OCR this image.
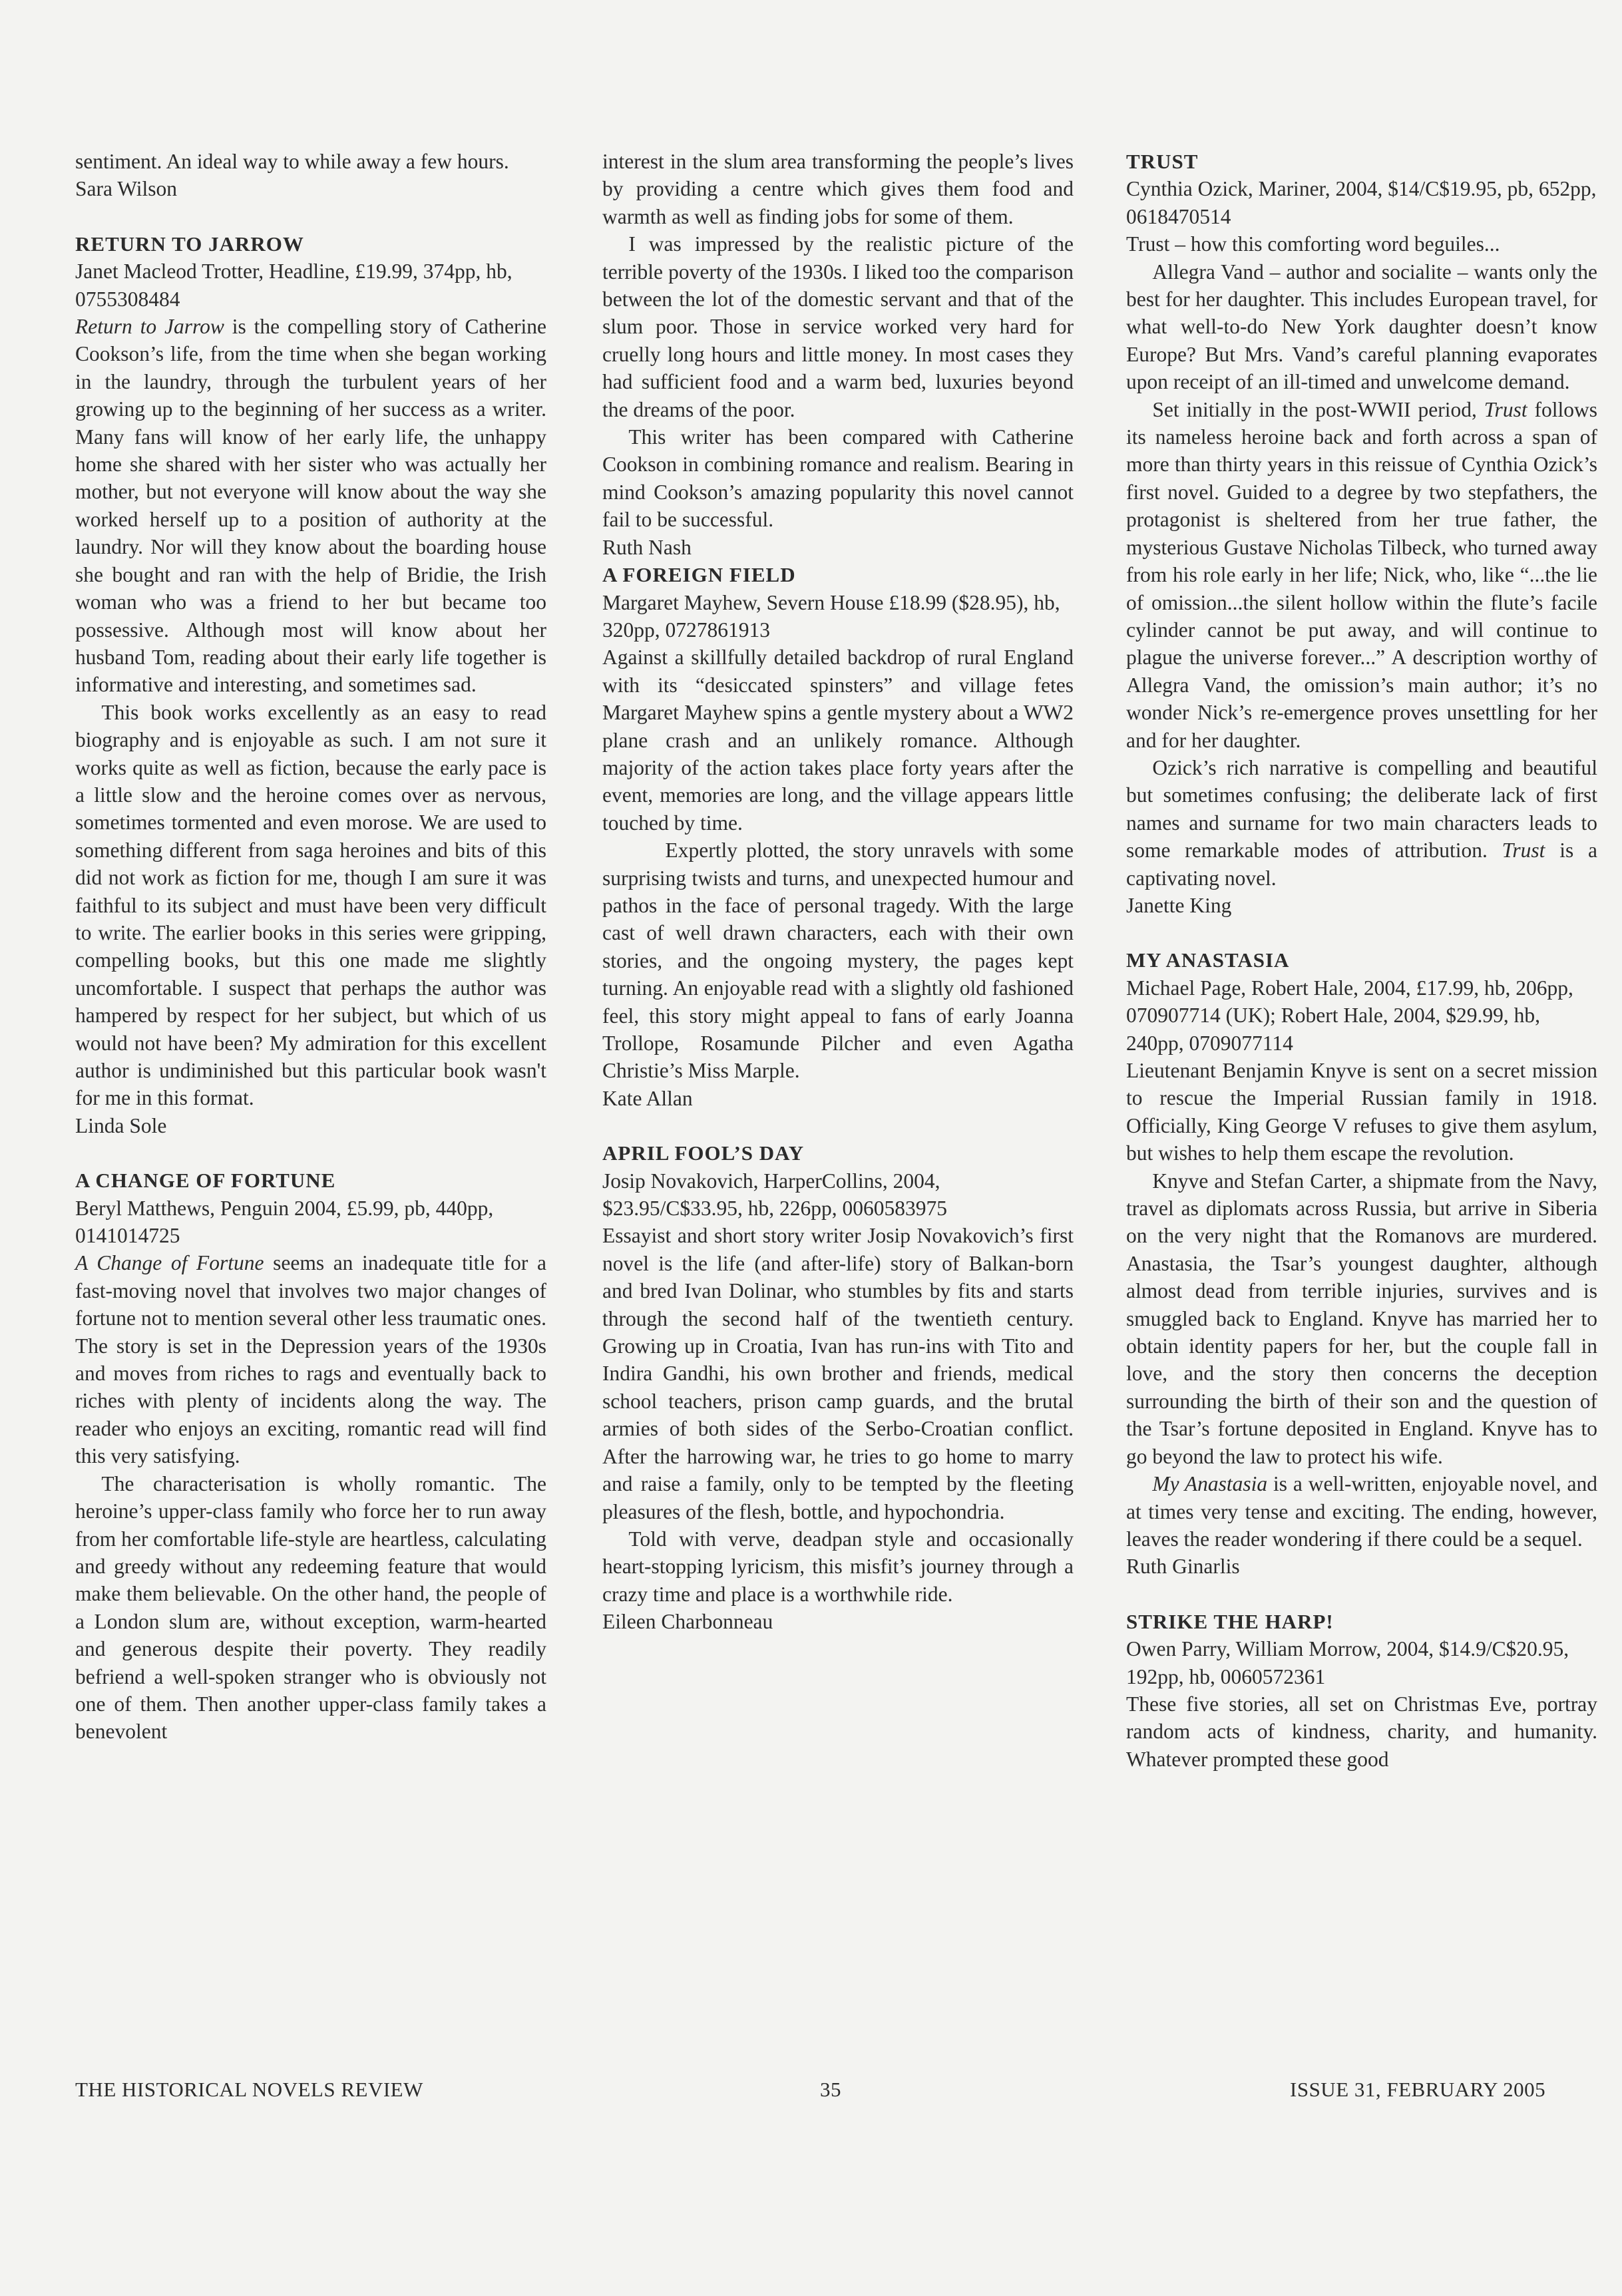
sentiment. An ideal way to while away a few hours.

Sara Wilson

RETURN TO JARROW

Janet Macleod Trotter, Headline, £19.99, 374pp, hb, 0755308484

Return to Jarrow is the compelling story of Catherine Cookson’s life, from the time when she began working in the laundry, through the turbulent years of her growing up to the beginning of her success as a writer. Many fans will know of her early life, the unhappy home she shared with her sister who was actually her mother, but not everyone will know about the way she worked herself up to a position of authority at the laundry. Nor will they know about the boarding house she bought and ran with the help of Bridie, the Irish woman who was a friend to her but became too possessive. Although most will know about her husband Tom, reading about their early life together is informative and interesting, and sometimes sad.

This book works excellently as an easy to read biography and is enjoyable as such. I am not sure it works quite as well as fiction, because the early pace is a little slow and the heroine comes over as nervous, sometimes tormented and even morose. We are used to something different from saga heroines and bits of this did not work as fiction for me, though I am sure it was faithful to its subject and must have been very difficult to write. The earlier books in this series were gripping, compelling books, but this one made me slightly uncomfortable. I suspect that perhaps the author was hampered by respect for her subject, but which of us would not have been? My admiration for this excellent author is undiminished but this particular book wasn't for me in this format.

Linda Sole

A CHANGE OF FORTUNE

Beryl Matthews, Penguin 2004, £5.99, pb, 440pp, 0141014725

A Change of Fortune seems an inadequate title for a fast-moving novel that involves two major changes of fortune not to mention several other less traumatic ones. The story is set in the Depression years of the 1930s and moves from riches to rags and eventually back to riches with plenty of incidents along the way. The reader who enjoys an exciting, romantic read will find this very satisfying.

The characterisation is wholly romantic. The heroine’s upper-class family who force her to run away from her comfortable life-style are heartless, calculating and greedy without any redeeming feature that would make them believable. On the other hand, the people of a London slum are, without exception, warm-hearted and generous despite their poverty. They readily befriend a well-spoken stranger who is obviously not one of them. Then another upper-class family takes a benevolent

interest in the slum area transforming the people’s lives by providing a centre which gives them food and warmth as well as finding jobs for some of them.

I was impressed by the realistic picture of the terrible poverty of the 1930s. I liked too the comparison between the lot of the domestic servant and that of the slum poor. Those in service worked very hard for cruelly long hours and little money. In most cases they had sufficient food and a warm bed, luxuries beyond the dreams of the poor.

This writer has been compared with Catherine Cookson in combining romance and realism. Bearing in mind Cookson’s amazing popularity this novel cannot fail to be successful.

Ruth Nash

A FOREIGN FIELD

Margaret Mayhew, Severn House £18.99 ($28.95), hb, 320pp, 0727861913

Against a skillfully detailed backdrop of rural England with its “desiccated spinsters” and village fetes Margaret Mayhew spins a gentle mystery about a WW2 plane crash and an unlikely romance. Although majority of the action takes place forty years after the event, memories are long, and the village appears little touched by time.

Expertly plotted, the story unravels with some surprising twists and turns, and unexpected humour and pathos in the face of personal tragedy. With the large cast of well drawn characters, each with their own stories, and the ongoing mystery, the pages kept turning. An enjoyable read with a slightly old fashioned feel, this story might appeal to fans of early Joanna Trollope, Rosamunde Pilcher and even Agatha Christie’s Miss Marple.

Kate Allan

APRIL FOOL’S DAY

Josip Novakovich, HarperCollins, 2004, $23.95/C$33.95, hb, 226pp, 0060583975

Essayist and short story writer Josip Novakovich’s first novel is the life (and after-life) story of Balkan-born and bred Ivan Dolinar, who stumbles by fits and starts through the second half of the twentieth century. Growing up in Croatia, Ivan has run-ins with Tito and Indira Gandhi, his own brother and friends, medical school teachers, prison camp guards, and the brutal armies of both sides of the Serbo-Croatian conflict. After the harrowing war, he tries to go home to marry and raise a family, only to be tempted by the fleeting pleasures of the flesh, bottle, and hypochondria.

Told with verve, deadpan style and occasionally heart-stopping lyricism, this misfit’s journey through a crazy time and place is a worthwhile ride.

Eileen Charbonneau

TRUST

Cynthia Ozick, Mariner, 2004, $14/C$19.95, pb, 652pp, 0618470514

Trust – how this comforting word beguiles...

Allegra Vand – author and socialite – wants only the best for her daughter. This includes European travel, for what well-to-do New York daughter doesn’t know Europe? But Mrs. Vand’s careful planning evaporates upon receipt of an ill-timed and unwelcome demand.

Set initially in the post-WWII period, Trust follows its nameless heroine back and forth across a span of more than thirty years in this reissue of Cynthia Ozick’s first novel. Guided to a degree by two stepfathers, the protagonist is sheltered from her true father, the mysterious Gustave Nicholas Tilbeck, who turned away from his role early in her life; Nick, who, like “...the lie of omission...the silent hollow within the flute’s facile cylinder cannot be put away, and will continue to plague the universe forever...” A description worthy of Allegra Vand, the omission’s main author; it’s no wonder Nick’s re-emergence proves unsettling for her and for her daughter.

Ozick’s rich narrative is compelling and beautiful but sometimes confusing; the deliberate lack of first names and surname for two main characters leads to some remarkable modes of attribution. Trust is a captivating novel.

Janette King

MY ANASTASIA

Michael Page, Robert Hale, 2004, £17.99, hb, 206pp, 070907714 (UK); Robert Hale, 2004, $29.99, hb, 240pp, 0709077114

Lieutenant Benjamin Knyve is sent on a secret mission to rescue the Imperial Russian family in 1918. Officially, King George V refuses to give them asylum, but wishes to help them escape the revolution.

Knyve and Stefan Carter, a shipmate from the Navy, travel as diplomats across Russia, but arrive in Siberia on the very night that the Romanovs are murdered. Anastasia, the Tsar’s youngest daughter, although almost dead from terrible injuries, survives and is smuggled back to England. Knyve has married her to obtain identity papers for her, but the couple fall in love, and the story then concerns the deception surrounding the birth of their son and the question of the Tsar’s fortune deposited in England. Knyve has to go beyond the law to protect his wife.

My Anastasia is a well-written, enjoyable novel, and at times very tense and exciting. The ending, however, leaves the reader wondering if there could be a sequel.

Ruth Ginarlis

STRIKE THE HARP!

Owen Parry, William Morrow, 2004, $14.9/C$20.95, 192pp, hb, 0060572361

These five stories, all set on Christmas Eve, portray random acts of kindness, charity, and humanity. Whatever prompted these good

THE HISTORICAL NOVELS REVIEW	35	ISSUE 31, FEBRUARY 2005
